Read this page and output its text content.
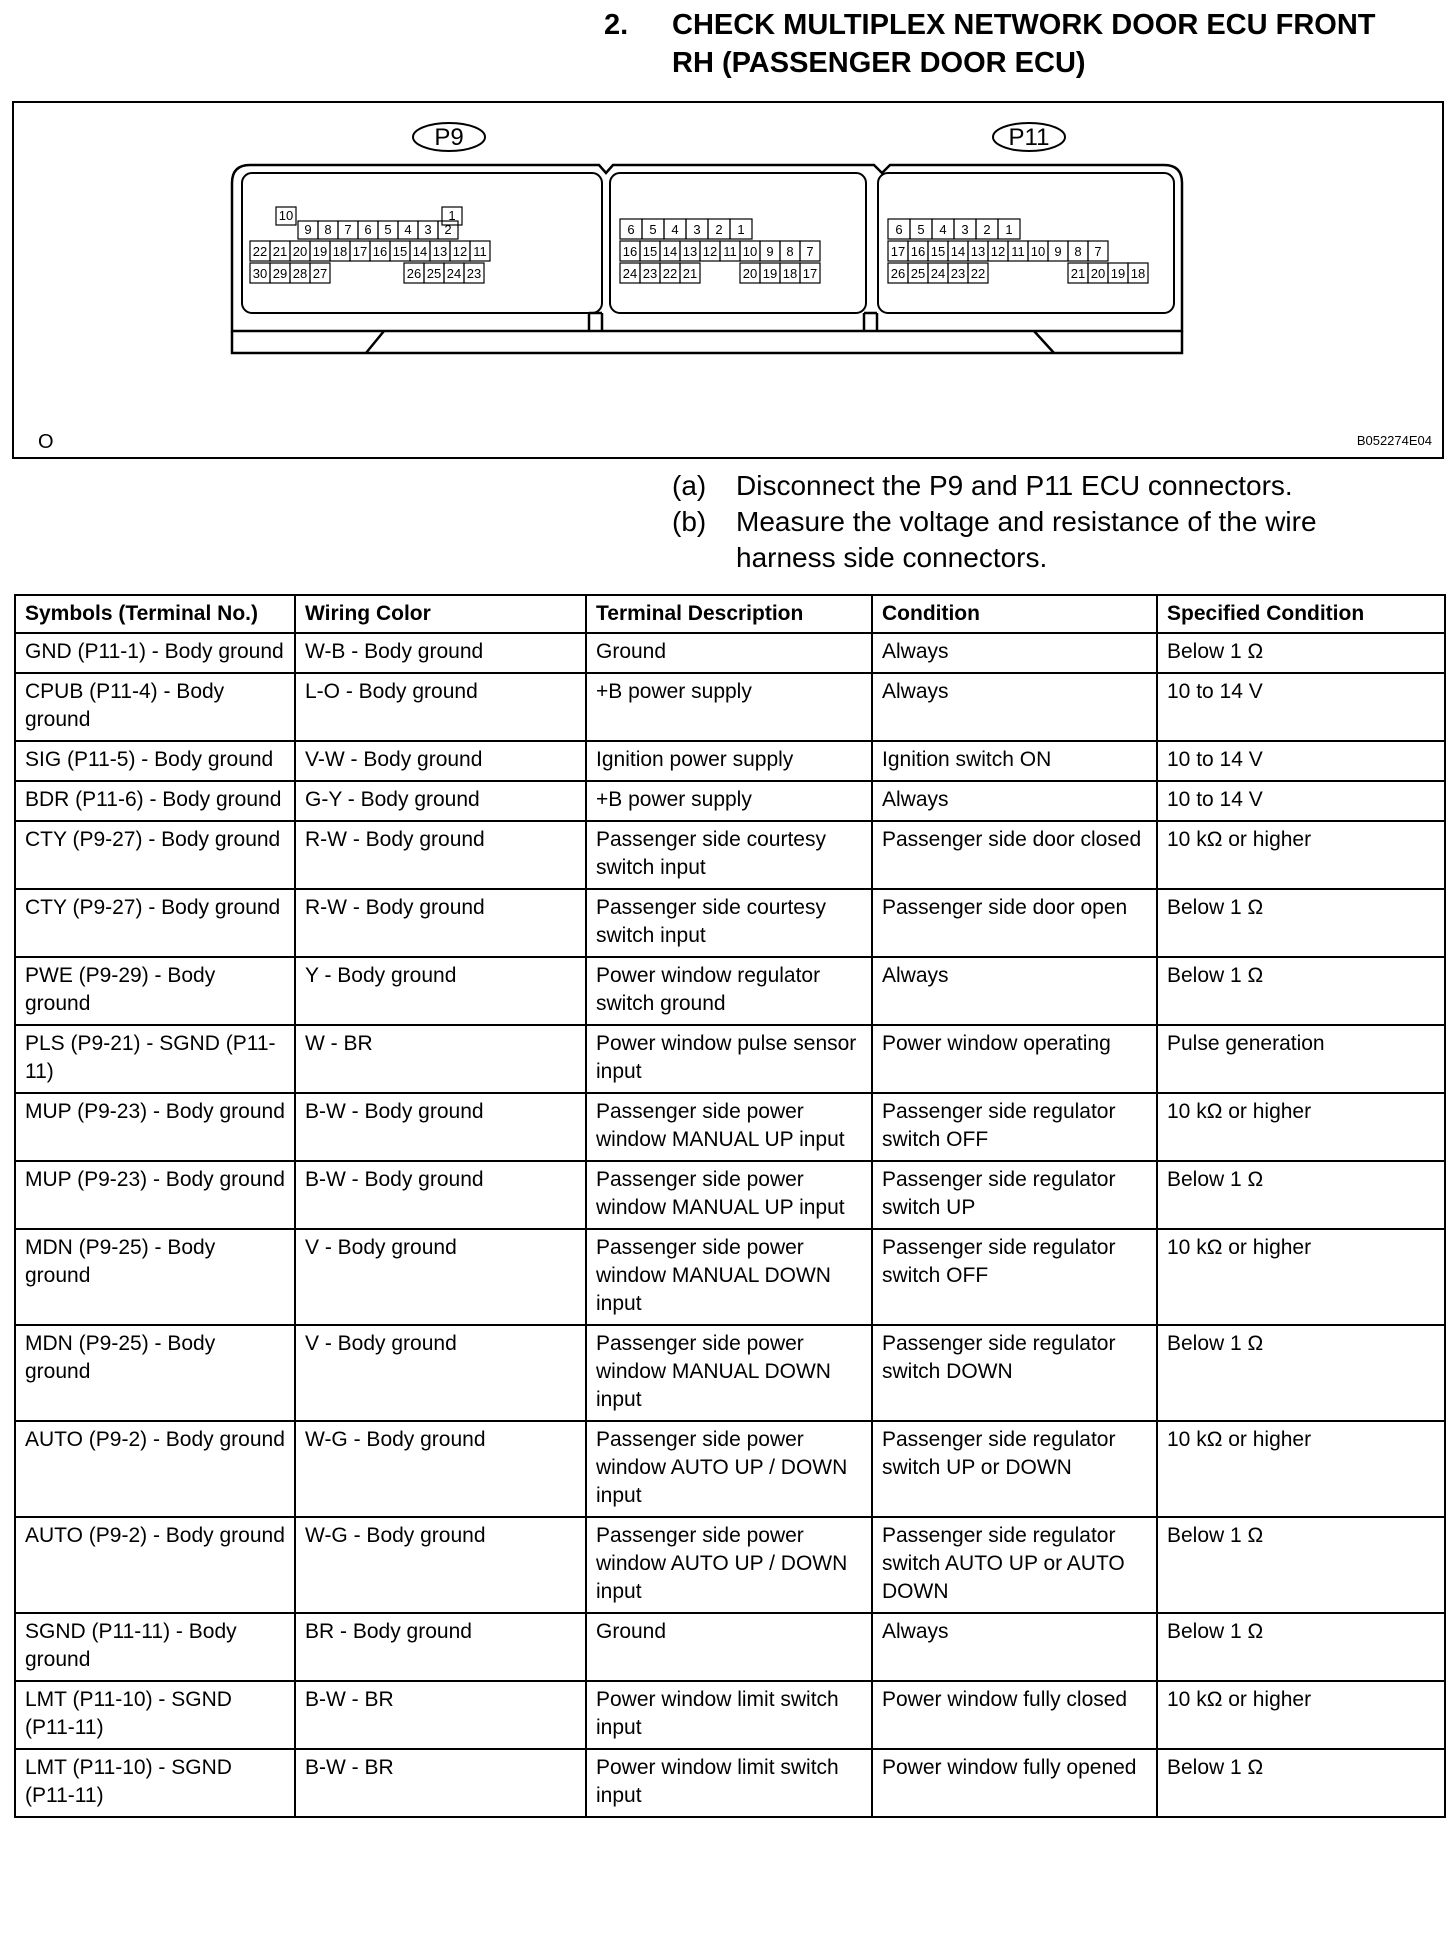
2. CHECK MULTIPLEX NETWORK DOOR ECU FRONT RH (PASSENGER DOOR ECU)
P9	P11
10	1
9 8 7 6 5 4 3 2
22 21 20 19 18 17 16 15 14 13 12 11
30 29 28 27	26 25 24 23
6 5 4 3 2 1
16 15 14 13 12 11 10 9 8 7
24 23 22 21	20 19 18 17
6 5 4 3 2 1
17 16 15 14 13 12 11 10 9 8 7
26 25 24 23 22	21 20 19 18
O	B052274E04
(a) Disconnect the P9 and P11 ECU connectors.
(b) Measure the voltage and resistance of the wire
harness side connectors.
Symbols (Terminal No.)	Wiring Color	Terminal Description	Condition	Specified Condition
GND (P11-1) - Body ground	W-B - Body ground	Ground	Always	Below 1 Ω
CPUB (P11-4) - Body ground	L-O - Body ground	+B power supply	Always	10 to 14 V
SIG (P11-5) - Body ground	V-W - Body ground	Ignition power supply	Ignition switch ON	10 to 14 V
BDR (P11-6) - Body ground	G-Y - Body ground	+B power supply	Always	10 to 14 V
CTY (P9-27) - Body ground	R-W - Body ground	Passenger side courtesy switch input	Passenger side door closed	10 kΩ or higher
CTY (P9-27) - Body ground	R-W - Body ground	Passenger side courtesy switch input	Passenger side door open	Below 1 Ω
PWE (P9-29) - Body ground	Y - Body ground	Power window regulator switch ground	Always	Below 1 Ω
PLS (P9-21) - SGND (P11-11)	W - BR	Power window pulse sensor input	Power window operating	Pulse generation
MUP (P9-23) - Body ground	B-W - Body ground	Passenger side power window MANUAL UP input	Passenger side regulator switch OFF	10 kΩ or higher
MUP (P9-23) - Body ground	B-W - Body ground	Passenger side power window MANUAL UP input	Passenger side regulator switch UP	Below 1 Ω
MDN (P9-25) - Body ground	V - Body ground	Passenger side power window MANUAL DOWN input	Passenger side regulator switch OFF	10 kΩ or higher
MDN (P9-25) - Body ground	V - Body ground	Passenger side power window MANUAL DOWN input	Passenger side regulator switch DOWN	Below 1 Ω
AUTO (P9-2) - Body ground	W-G - Body ground	Passenger side power window AUTO UP / DOWN input	Passenger side regulator switch UP or DOWN	10 kΩ or higher
AUTO (P9-2) - Body ground	W-G - Body ground	Passenger side power window AUTO UP / DOWN input	Passenger side regulator switch AUTO UP or AUTO DOWN	Below 1 Ω
SGND (P11-11) - Body ground	BR - Body ground	Ground	Always	Below 1 Ω
LMT (P11-10) - SGND (P11-11)	B-W - BR	Power window limit switch input	Power window fully closed	10 kΩ or higher
LMT (P11-10) - SGND (P11-11)	B-W - BR	Power window limit switch input	Power window fully opened	Below 1 Ω
